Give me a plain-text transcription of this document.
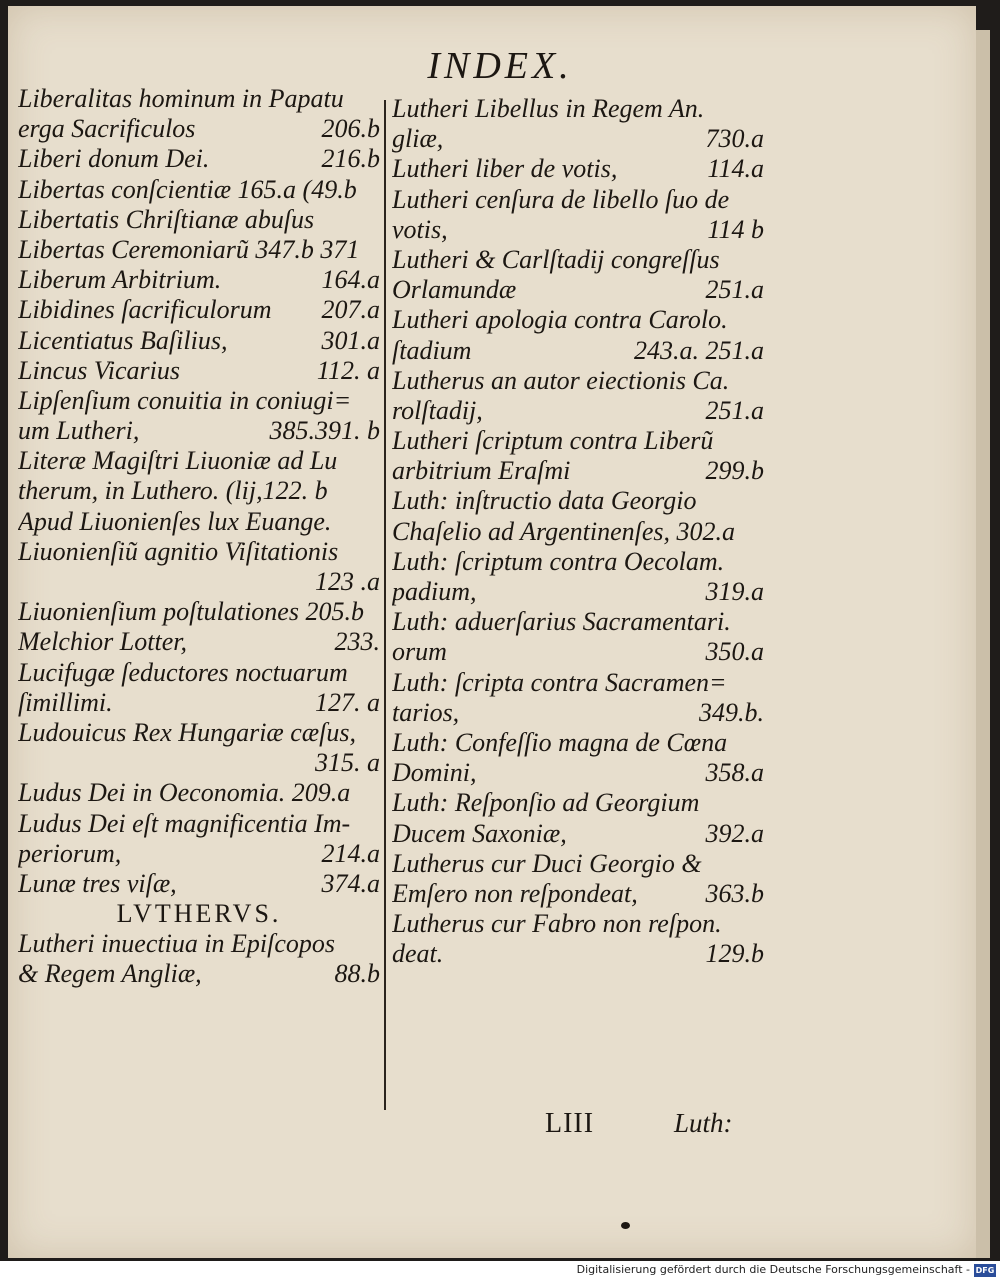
INDEX.
Liberalitas hominum in Papatu
erga Sacrificulos	206.b
Liberi donum Dei.	216.b
Libertas conſcientiæ 165.a (49.b
Libertatis Chriſtianæ abuſus
Libertas Ceremoniarũ 347.b 371
Liberum Arbitrium.	164.a
Libidines ſacrificulorum 207.a
Licentiatus Baſilius,	301.a
Lincus Vicarius	112. a
Lipſenſium conuitia in coniugi=
um Lutheri,	385.391. b
Literæ Magiſtri Liuoniæ ad Lu
therum, in Luthero. (lij,122. b
Apud Liuonienſes lux Euange.
Liuonienſiũ agnitio Viſitationis
123 .a
Liuonienſium poſtulationes 205.b
Melchior Lotter,	233.
Lucifugæ ſeductores noctuarum
ſimillimi.	127. a
Ludouicus Rex Hungariæ cæſus,
315. a
Ludus Dei in Oeconomia. 209.a
Ludus Dei eſt magnificentia Im-
periorum,	214.a
Lunæ tres viſæ,	374.a
LVTHERVS.
Lutheri inuectiua in Epiſcopos
& Regem Angliæ,	88.b
Lutheri Libellus in Regem An.
gliæ,	730.a
Lutheri liber de votis,	114.a
Lutheri cenſura de libello ſuo de
votis,	114 b
Lutheri & Carlſtadij congreſſus
Orlamundæ	251.a
Lutheri apologia contra Carolo.
ſtadium	243.a. 251.a
Lutherus an autor eiectionis Ca.
rolſtadij,	251.a
Lutheri ſcriptum contra Liberũ
arbitrium Eraſmi	299.b
Luth: inſtructio data Georgio
Chaſelio ad Argentinenſes, 302.a
Luth: ſcriptum contra Oecolam.
padium,	319.a
Luth: aduerſarius Sacramentari.
orum	350.a
Luth: ſcripta contra Sacramen=
tarios,	349.b.
Luth: Confeſſio magna de Cœna
Domini,	358.a
Luth: Reſponſio ad Georgium
Ducem Saxoniæ,	392.a
Lutherus cur Duci Georgio &
Emſero non reſpondeat,	363.b
Lutherus cur Fabro non reſpon.
deat.	129.b
LIII	Luth:
Digitalisierung gefördert durch die Deutsche Forschungsgemeinschaft - DFG
